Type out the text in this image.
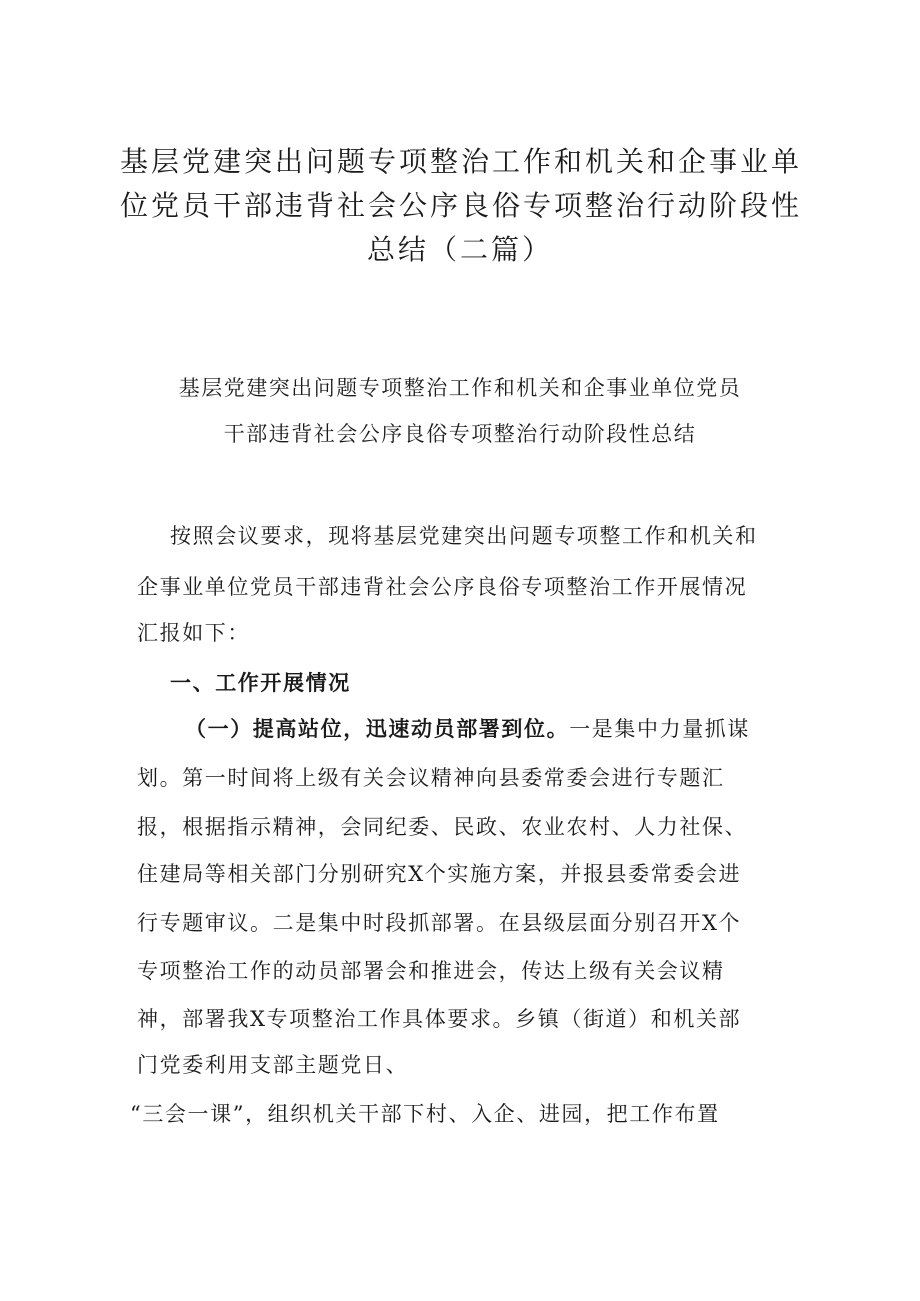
基层党建突出问题专项整治工作和机关和企事业单
位党员干部违背社会公序良俗专项整治行动阶段性
总结（二篇）
基层党建突出问题专项整治工作和机关和企事业单位党员
干部违背社会公序良俗专项整治行动阶段性总结
按照会议要求，现将基层党建突出问题专项整工作和机关和
企事业单位党员干部违背社会公序良俗专项整治工作开展情况
汇报如下：
一、工作开展情况
（一）提高站位，迅速动员部署到位。一是集中力量抓谋
划。第一时间将上级有关会议精神向县委常委会进行专题汇
报，根据指示精神，会同纪委、民政、农业农村、人力社保、
住建局等相关部门分别研究X个实施方案，并报县委常委会进
行专题审议。二是集中时段抓部署。在县级层面分别召开X个
专项整治工作的动员部署会和推进会，传达上级有关会议精
神，部署我X专项整治工作具体要求。乡镇（街道）和机关部
门党委利用支部主题党日、
“三会一课”，组织机关干部下村、入企、进园，把工作布置
